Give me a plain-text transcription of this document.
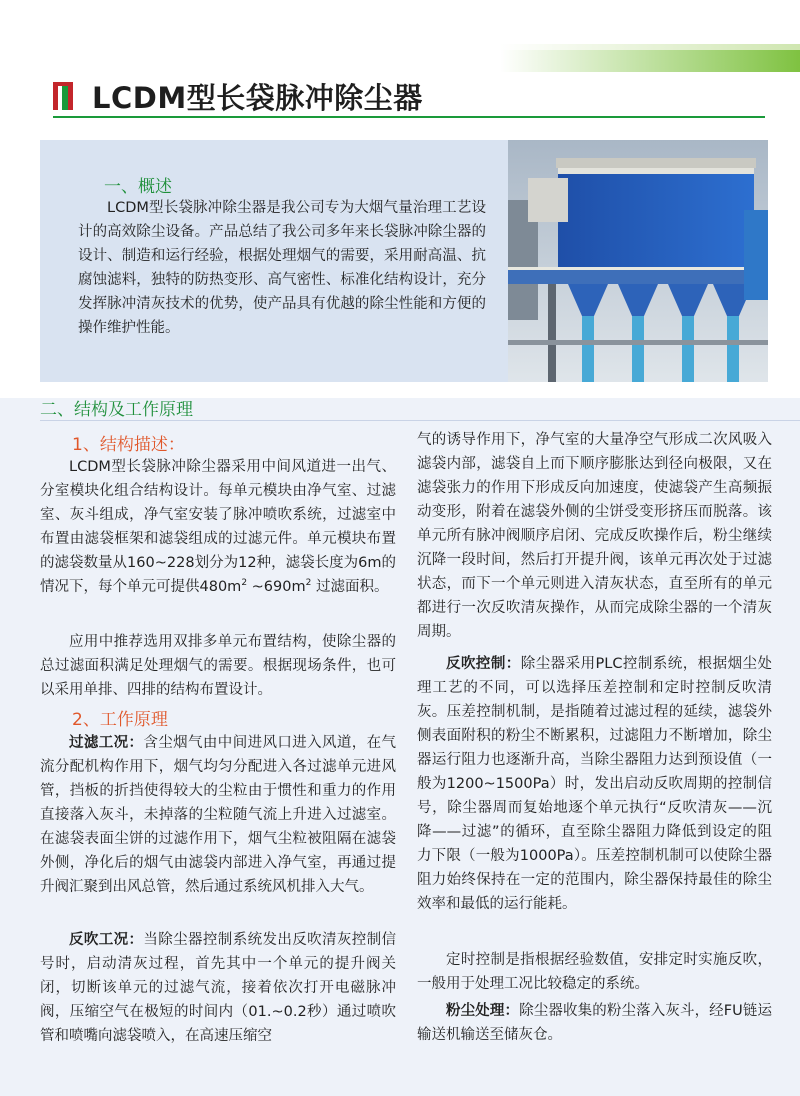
LCDM型长袋脉冲除尘器
一、概述

LCDM型长袋脉冲除尘器是我公司专为大烟气量治理工艺设计的高效除尘设备。产品总结了我公司多年来长袋脉冲除尘器的设计、制造和运行经验，根据处理烟气的需要，采用耐高温、抗腐蚀滤料，独特的防热变形、高气密性、标准化结构设计，充分发挥脉冲清灰技术的优势，使产品具有优越的除尘性能和方便的操作维护性能。

二、结构及工作原理
1、结构描述：

LCDM型长袋脉冲除尘器采用中间风道进一出气、分室模块化组合结构设计。每单元模块由净气室、过滤室、灰斗组成，净气室安装了脉冲喷吹系统，过滤室中布置由滤袋框架和滤袋组成的过滤元件。单元模块布置的滤袋数量从160~228划分为12种，滤袋长度为6m的情况下，每个单元可提供$480m^2$ $\sim 690m^2$ 过滤面积。

应用中推荐选用双排多单元布置结构，使除尘器的总过滤面积满足处理烟气的需要。根据现场条件，也可以采用单排、四排的结构布置设计。

2、工作原理

过滤工况：含尘烟气由中间进风口进入风道，在气流分配机构作用下，烟气均匀分配进入各过滤单元进风管，挡板的折挡使得较大的尘粒由于惯性和重力的作用直接落入灰斗，未掉落的尘粒随气流上升进入过滤室。在滤袋表面尘饼的过滤作用下，烟气尘粒被阻隔在滤袋外侧，净化后的烟气由滤袋内部进入净气室，再通过提升阀汇聚到出风总管，然后通过系统风机排入大气。

反吹工况：当除尘器控制系统发出反吹清灰控制信号时，启动清灰过程，首先其中一个单元的提升阀关闭，切断该单元的过滤气流，接着依次打开电磁脉冲阀，压缩空气在极短的时间内（01.~0.2秒）通过喷吹管和喷嘴向滤袋喷入，在高速压缩空

气的诱导作用下，净气室的大量净空气形成二次风吸入滤袋内部，滤袋自上而下顺序膨胀达到径向极限，又在滤袋张力的作用下形成反向加速度，使滤袋产生高频振动变形，附着在滤袋外侧的尘饼受变形挤压而脱落。该单元所有脉冲阀顺序启闭、完成反吹操作后，粉尘继续沉降一段时间，然后打开提升阀，该单元再次处于过滤状态，而下一个单元则进入清灰状态，直至所有的单元都进行一次反吹清灰操作，从而完成除尘器的一个清灰周期。

反吹控制：除尘器采用PLC控制系统，根据烟尘处理工艺的不同，可以选择压差控制和定时控制反吹清灰。压差控制机制，是指随着过滤过程的延续，滤袋外侧表面附积的粉尘不断累积，过滤阻力不断增加，除尘器运行阻力也逐渐升高，当除尘器阻力达到预设值（一般为1200~1500Pa）时，发出启动反吹周期的控制信号，除尘器周而复始地逐个单元执行“反吹清灰——沉降——过滤”的循环，直至除尘器阻力降低到设定的阻力下限（一般为1000Pa）。压差控制机制可以使除尘器阻力始终保持在一定的范围内，除尘器保持最佳的除尘效率和最低的运行能耗。

定时控制是指根据经验数值，安排定时实施反吹，一般用于处理工况比较稳定的系统。

粉尘处理：除尘器收集的粉尘落入灰斗，经FU链运输送机输送至储灰仓。
